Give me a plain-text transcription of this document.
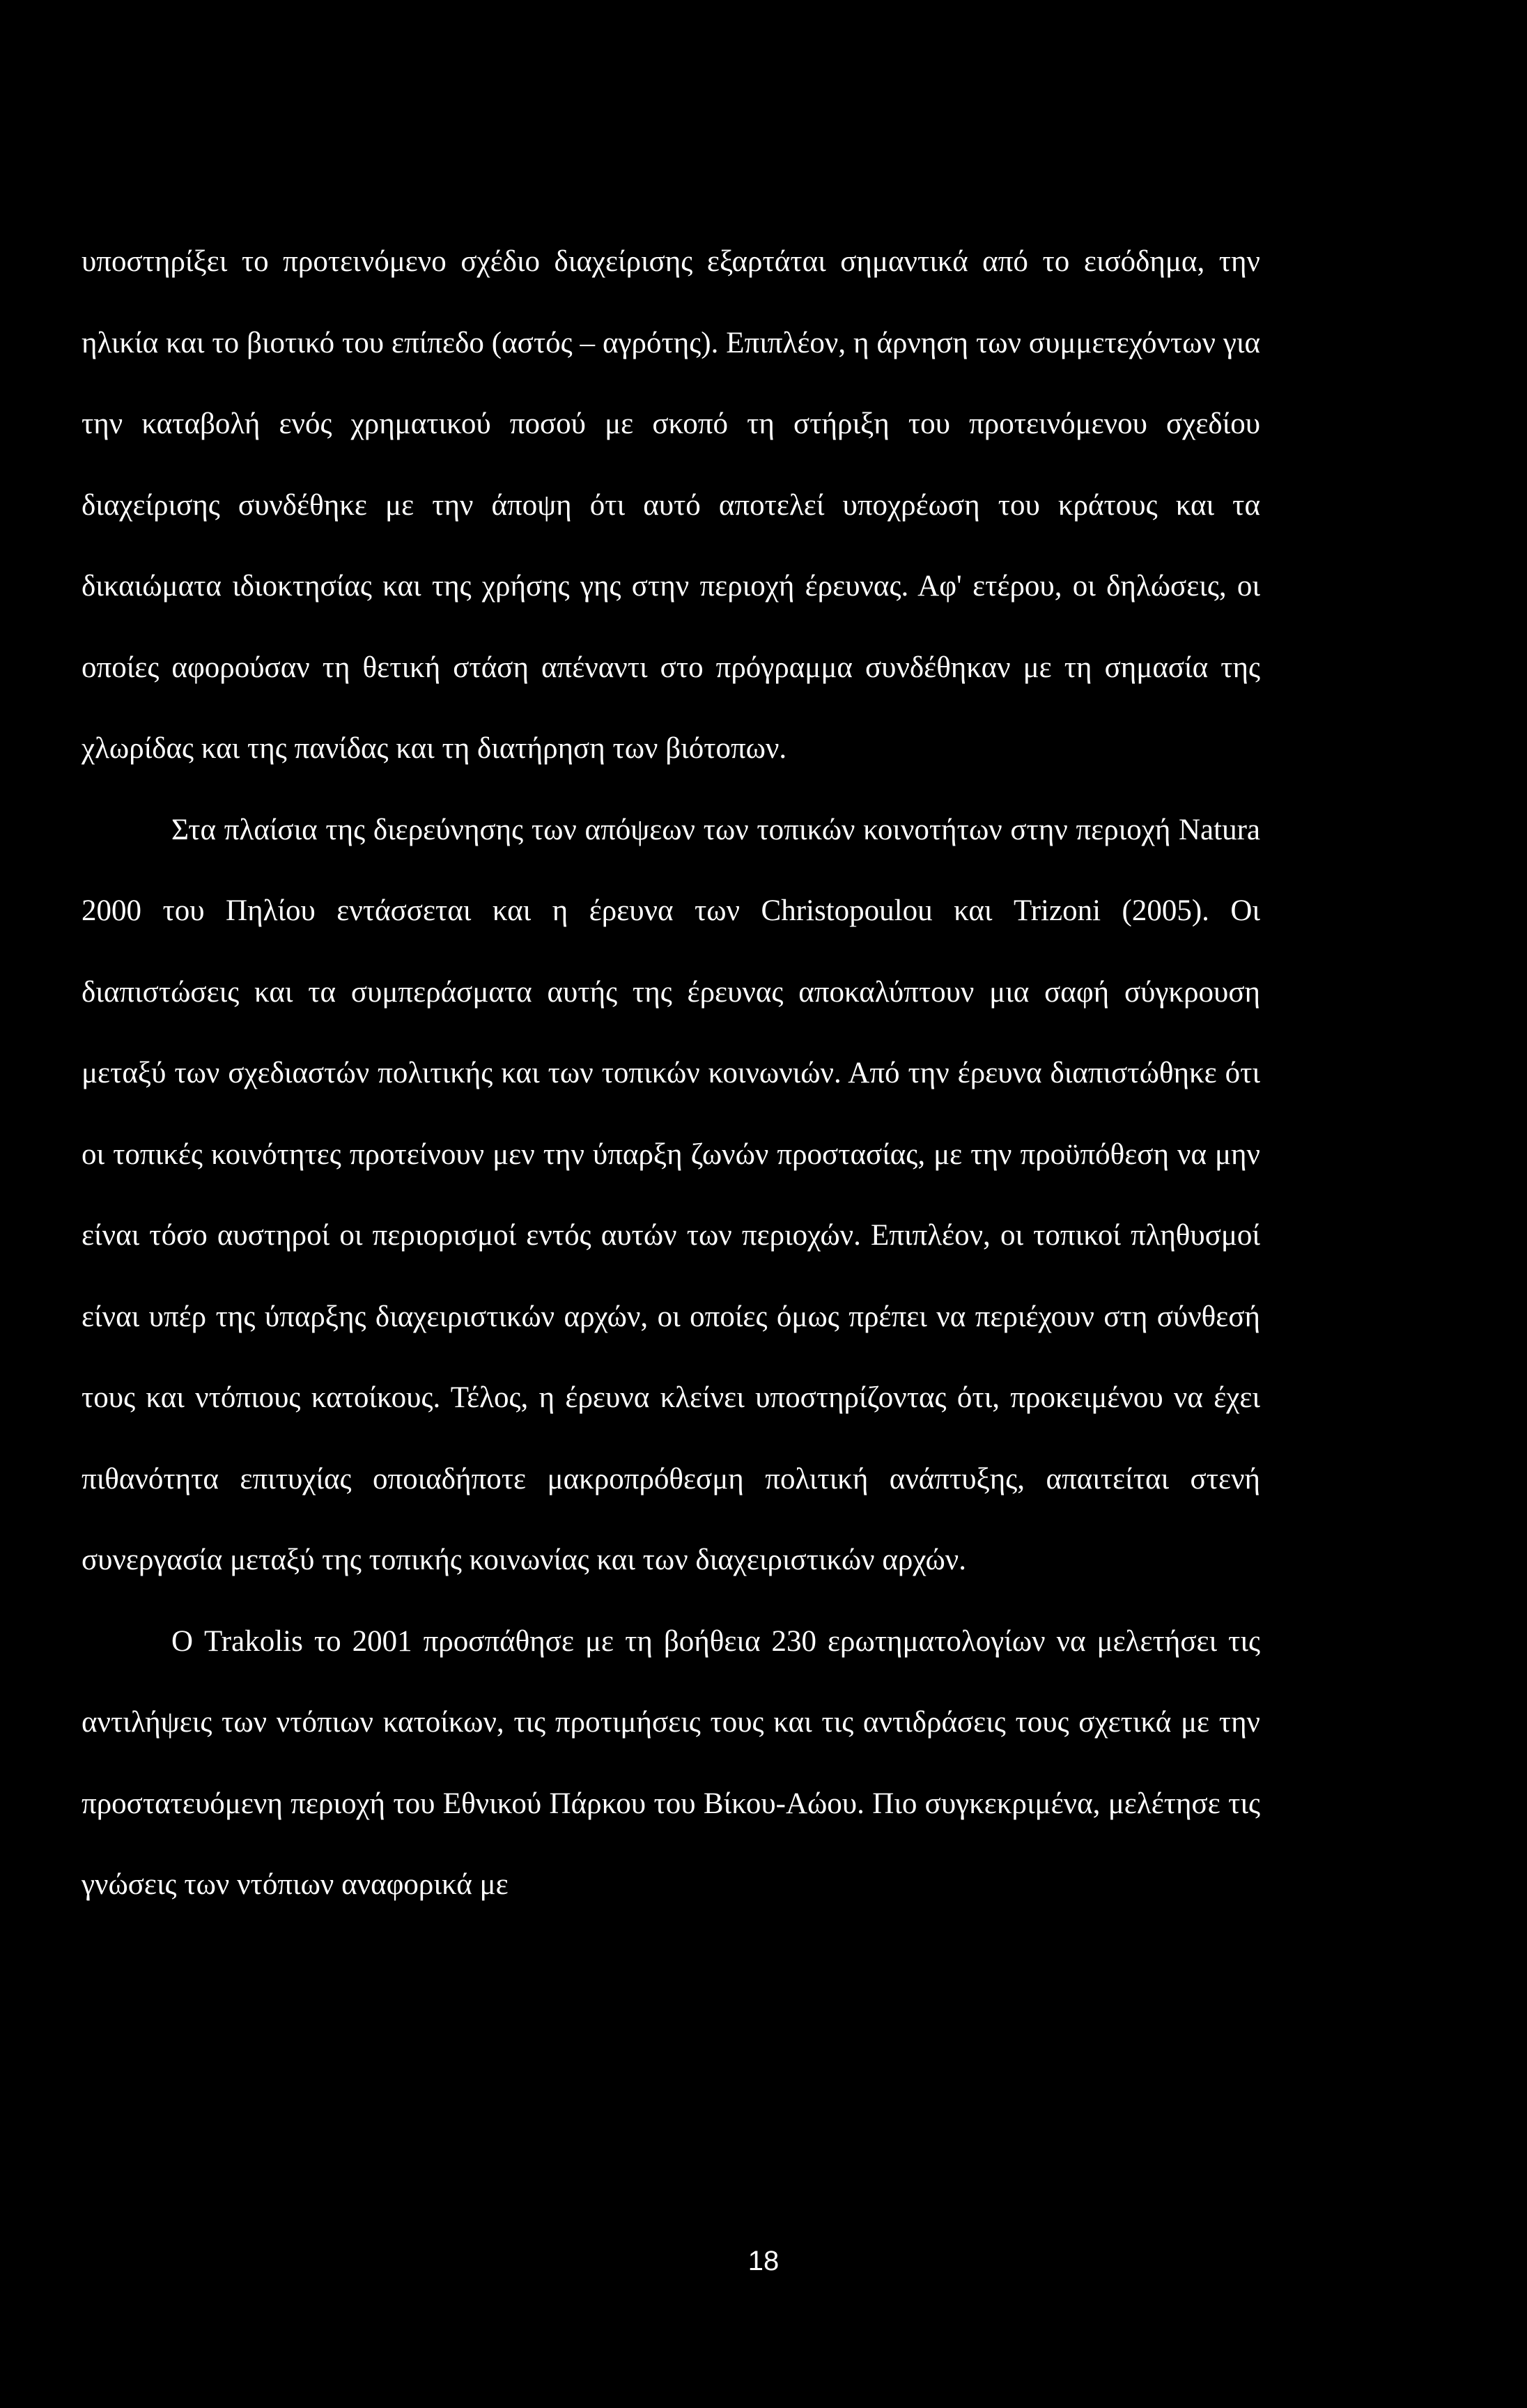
υποστηρίξει το προτεινόμενο σχέδιο διαχείρισης εξαρτάται σημαντικά από το εισόδημα, την ηλικία και το βιοτικό του επίπεδο (αστός – αγρότης). Επιπλέον, η άρνηση των συμμετεχόντων για την καταβολή ενός χρηματικού ποσού με σκοπό τη στήριξη του προτεινόμενου σχεδίου διαχείρισης συνδέθηκε με την άποψη ότι αυτό αποτελεί υποχρέωση του κράτους και τα δικαιώματα ιδιοκτησίας και της χρήσης γης στην περιοχή έρευνας. Αφ' ετέρου, οι δηλώσεις, οι οποίες αφορούσαν τη θετική στάση απέναντι στο πρόγραμμα συνδέθηκαν με τη σημασία της χλωρίδας και της πανίδας και τη διατήρηση των βιότοπων.

Στα πλαίσια της διερεύνησης των απόψεων των τοπικών κοινοτήτων στην περιοχή Natura 2000 του Πηλίου εντάσσεται και η έρευνα των Christopoulou και Trizoni (2005). Οι διαπιστώσεις και τα συμπεράσματα αυτής της έρευνας αποκαλύπτουν μια σαφή σύγκρουση μεταξύ των σχεδιαστών πολιτικής και των τοπικών κοινωνιών. Από την έρευνα διαπιστώθηκε ότι οι τοπικές κοινότητες προτείνουν μεν την ύπαρξη ζωνών προστασίας, με την προϋπόθεση να μην είναι τόσο αυστηροί οι περιορισμοί εντός αυτών των περιοχών. Επιπλέον, οι τοπικοί πληθυσμοί είναι υπέρ της ύπαρξης διαχειριστικών αρχών, οι οποίες όμως πρέπει να περιέχουν στη σύνθεσή τους και ντόπιους κατοίκους. Τέλος, η έρευνα κλείνει υποστηρίζοντας ότι, προκειμένου να έχει πιθανότητα επιτυχίας οποιαδήποτε μακροπρόθεσμη πολιτική ανάπτυξης, απαιτείται στενή συνεργασία μεταξύ της τοπικής κοινωνίας και των διαχειριστικών αρχών.

Ο Trakolis το 2001 προσπάθησε με τη βοήθεια 230 ερωτηματολογίων να μελετήσει τις αντιλήψεις των ντόπιων κατοίκων, τις προτιμήσεις τους και τις αντιδράσεις τους σχετικά με την προστατευόμενη περιοχή του Εθνικού Πάρκου του Βίκου-Αώου. Πιο συγκεκριμένα, μελέτησε τις γνώσεις των ντόπιων αναφορικά με

18
